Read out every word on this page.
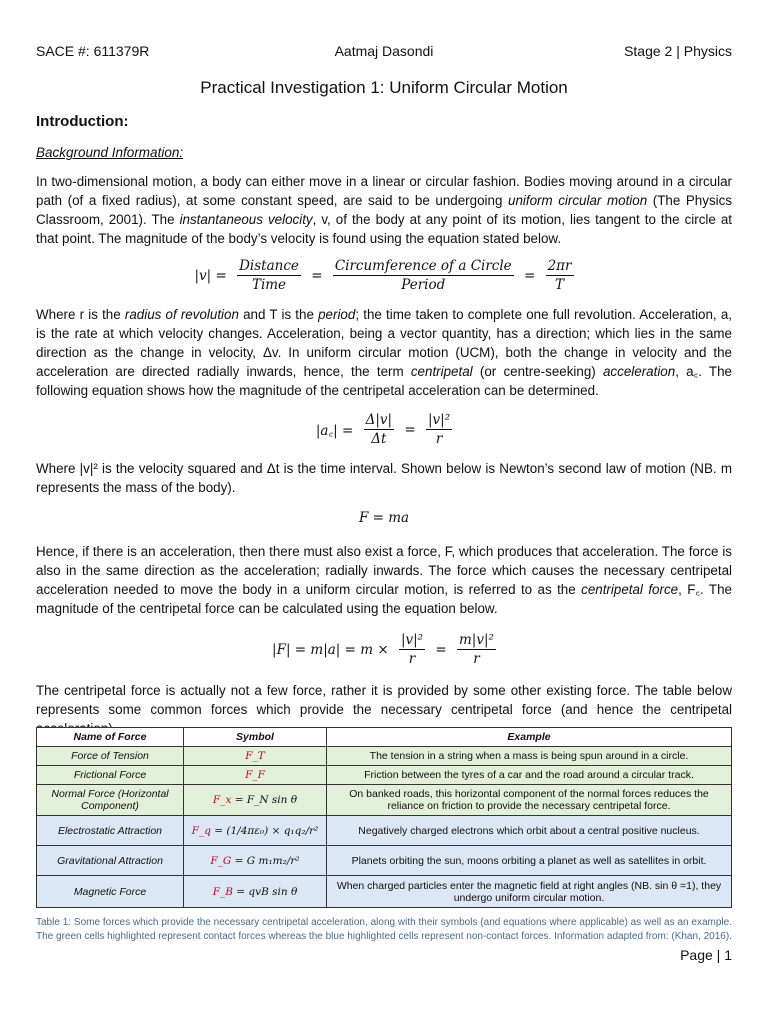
SACE #: 611379R	Aatmaj Dasondi	Stage 2 | Physics
Practical Investigation 1: Uniform Circular Motion
Introduction:
Background Information:
In two-dimensional motion, a body can either move in a linear or circular fashion. Bodies moving around in a circular path (of a fixed radius), at some constant speed, are said to be undergoing uniform circular motion (The Physics Classroom, 2001). The instantaneous velocity, v, of the body at any point of its motion, lies tangent to the circle at that point. The magnitude of the body’s velocity is found using the equation stated below.
$|v| = \frac{\text{Distance}}{\text{Time}} = \frac{\text{Circumference of a Circle}}{\text{Period}} = \frac{2\pi r}{T}$
Where r is the radius of revolution and T is the period; the time taken to complete one full revolution. Acceleration, a, is the rate at which velocity changes. Acceleration, being a vector quantity, has a direction; which lies in the same direction as the change in velocity, Δv. In uniform circular motion (UCM), both the change in velocity and the acceleration are directed radially inwards, hence, the term centripetal (or centre-seeking) acceleration, a꜀. The following equation shows how the magnitude of the centripetal acceleration can be determined.
|a꜀| = $\frac{\Delta|v|}{\Delta t} = \frac{\text{|v|²}}{r}$
Where |v|² is the velocity squared and Δt is the time interval. Shown below is Newton’s second law of motion (NB. m represents the mass of the body).
F = ma
Hence, if there is an acceleration, then there must also exist a force, F, which produces that acceleration. The force is also in the same direction as the acceleration; radially inwards. The force which causes the necessary centripetal acceleration needed to move the body in a uniform circular motion, is referred to as the centripetal force, F꜀. The magnitude of the centripetal force can be calculated using the equation below.
$|F| = m|a| = m \times \frac{\text{|v|²}}{r} = \frac{\text{m|v|²}}{r}$
The centripetal force is actually not a few force, rather it is provided by some other existing force. The table below represents some common forces which provide the necessary centripetal force (and hence the centripetal
Name of Force	Symbol	Example
Force of Tension	F_T	The tension in a string when a mass is being spun around in a circle.
Frictional Force	F_F	Friction between the tyres of a car and the road around a circular track.
Normal Force (Horizontal Component)	F_x = F_N sin θ	On banked roads, this horizontal component of the normal forces reduces the reliance on friction to provide the necessary centripetal force.
Electrostatic Attraction	F_q = (1/4πε₀) × q₁q₂/r²	Negatively charged electrons which orbit about a central positive nucleus.
Gravitational Attraction	F_G = G m₁m₂/r²	Planets orbiting the sun, moons orbiting a planet as well as satellites in orbit.
Magnetic Force	F_B = qvB sin θ	When charged particles enter the magnetic field at right angles (NB. sin θ =1), they undergo uniform circular motion.
Table 1: Some forces which provide the necessary centripetal acceleration, along with their symbols (and equations where applicable) as well as an example. The green cells highlighted represent contact forces whereas the blue highlighted cells represent non-contact forces. Information adapted from: (Khan, 2016).
Page | 1
